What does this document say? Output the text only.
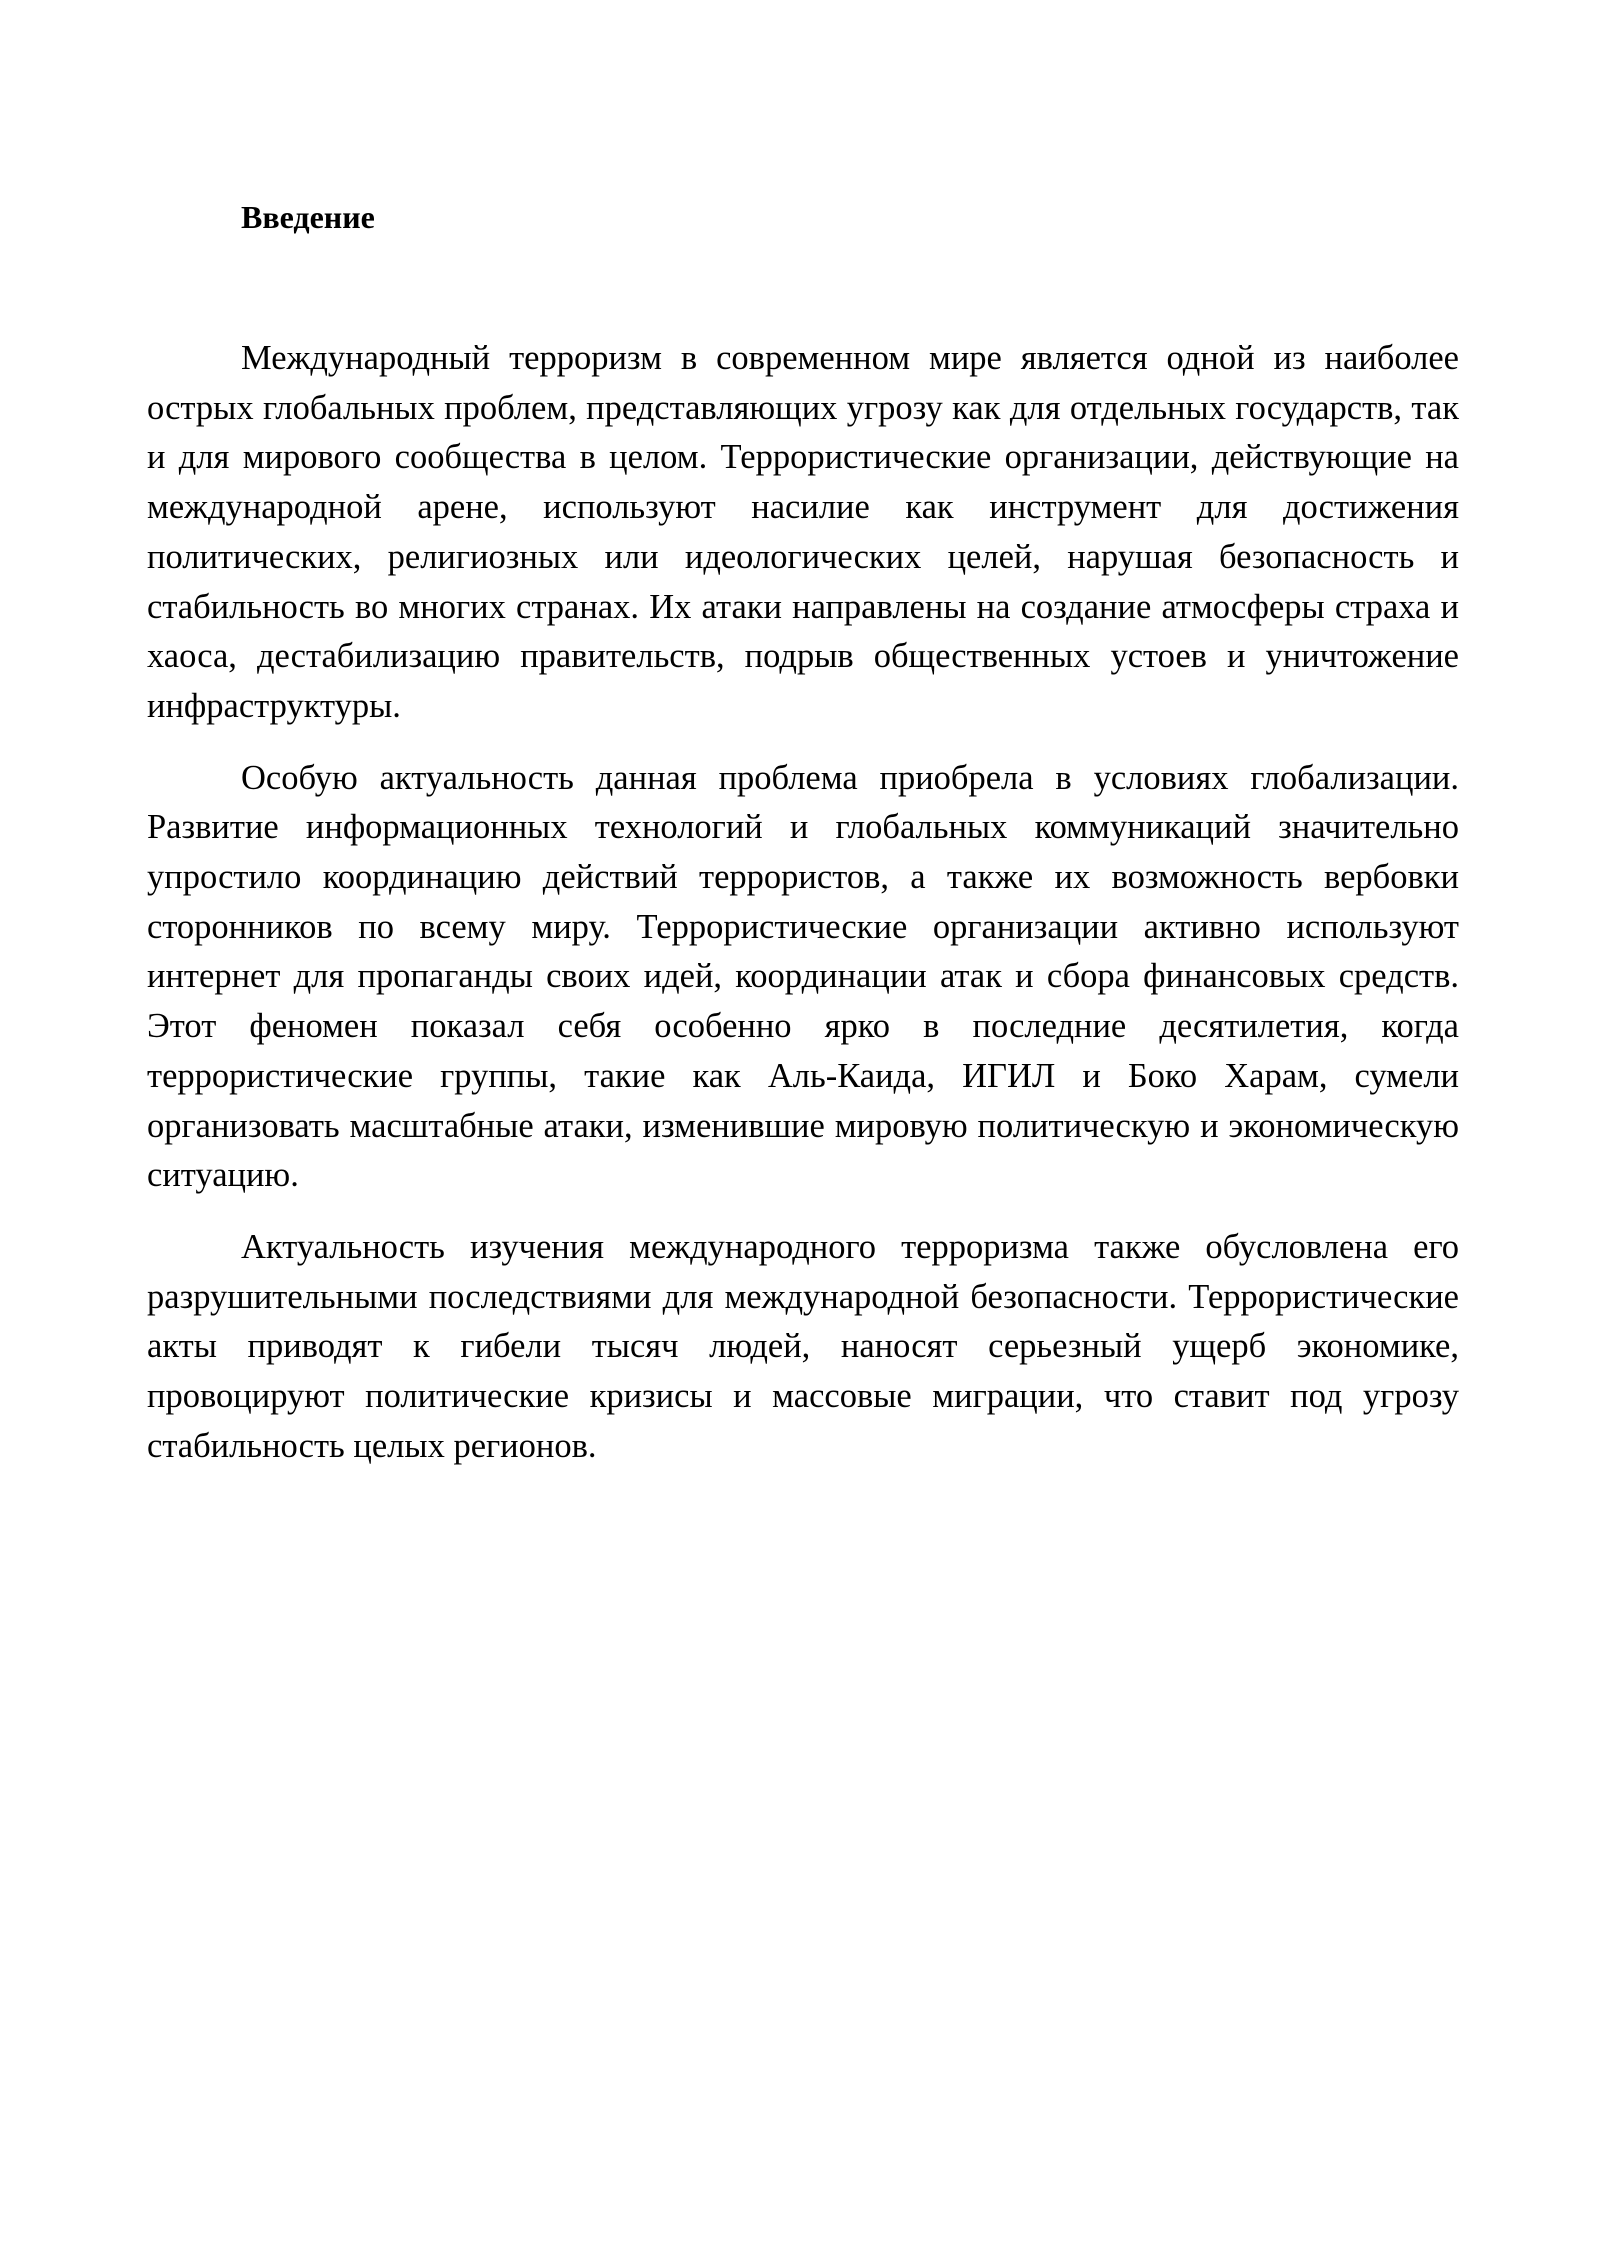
Введение

Международный терроризм в современном мире является одной из наиболее острых глобальных проблем, представляющих угрозу как для отдельных государств, так и для мирового сообщества в целом. Террористические организации, действующие на международной арене, используют насилие как инструмент для достижения политических, религиозных или идеологических целей, нарушая безопасность и стабильность во многих странах. Их атаки направлены на создание атмосферы страха и хаоса, дестабилизацию правительств, подрыв общественных устоев и уничтожение инфраструктуры.

Особую актуальность данная проблема приобрела в условиях глобализации. Развитие информационных технологий и глобальных коммуникаций значительно упростило координацию действий террористов, а также их возможность вербовки сторонников по всему миру. Террористические организации активно используют интернет для пропаганды своих идей, координации атак и сбора финансовых средств. Этот феномен показал себя особенно ярко в последние десятилетия, когда террористические группы, такие как Аль-Каида, ИГИЛ и Боко Харам, сумели организовать масштабные атаки, изменившие мировую политическую и экономическую ситуацию.

Актуальность изучения международного терроризма также обусловлена его разрушительными последствиями для международной безопасности. Террористические акты приводят к гибели тысяч людей, наносят серьезный ущерб экономике, провоцируют политические кризисы и массовые миграции, что ставит под угрозу стабильность целых регионов.
